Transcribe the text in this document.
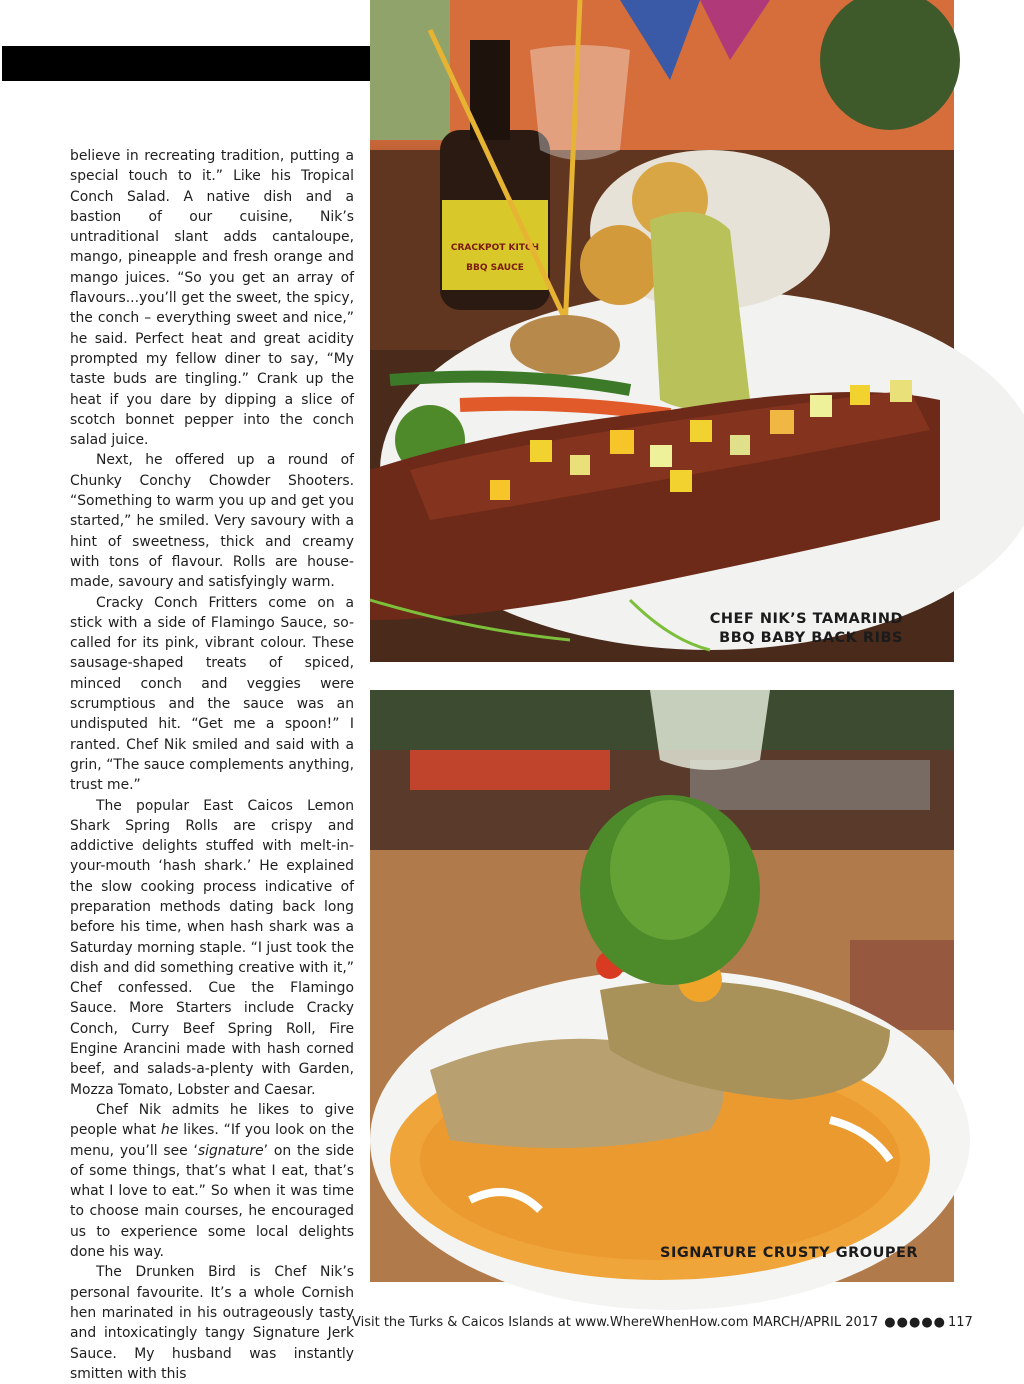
believe in recreating tradition, putting a special touch to it.” Like his Tropical Conch Salad. A native dish and a bastion of our cuisine, Nik’s untraditional slant adds cantaloupe, mango, pineapple and fresh orange and mango juices. “So you get an array of flavours...you’ll get the sweet, the spicy, the conch – everything sweet and nice,” he said. Perfect heat and great acidity prompted my fellow diner to say, “My taste buds are tingling.” Crank up the heat if you dare by dipping a slice of scotch bonnet pepper into the conch salad juice.

Next, he offered up a round of Chunky Conchy Chowder Shooters. “Something to warm you up and get you started,” he smiled. Very savoury with a hint of sweetness, thick and creamy with tons of flavour. Rolls are house-made, savoury and satisfyingly warm.

Cracky Conch Fritters come on a stick with a side of Flamingo Sauce, so-called for its pink, vibrant colour. These sausage-shaped treats of spiced, minced conch and veggies were scrumptious and the sauce was an undisputed hit. “Get me a spoon!” I ranted. Chef Nik smiled and said with a grin, “The sauce complements anything, trust me.”

The popular East Caicos Lemon Shark Spring Rolls are crispy and addictive delights stuffed with melt-in-your-mouth ‘hash shark.’ He explained the slow cooking process indicative of preparation methods dating back long before his time, when hash shark was a Saturday morning staple. “I just took the dish and did something creative with it,” Chef confessed. Cue the Flamingo Sauce. More Starters include Cracky Conch, Curry Beef Spring Roll, Fire Engine Arancini made with hash corned beef, and salads-a-plenty with Garden, Mozza Tomato, Lobster and Caesar.

Chef Nik admits he likes to give people what he likes. “If you look on the menu, you’ll see ‘signature’ on the side of some things, that’s what I eat, that’s what I love to eat.” So when it was time to choose main courses, he encouraged us to experience some local delights done his way.

The Drunken Bird is Chef Nik’s personal favourite. It’s a whole Cornish hen marinated in his outrageously tasty and intoxicatingly tangy Signature Jerk Sauce. My husband was instantly smitten with this

CRACKPOT KITCH
BBQ SAUCE
CHEF NIK’S TAMARIND
BBQ BABY BACK RIBS
SIGNATURE CRUSTY GROUPER
Visit the Turks & Caicos Islands at www.WhereWhenHow.com MARCH/APRIL 2017 ●●●●● 117
